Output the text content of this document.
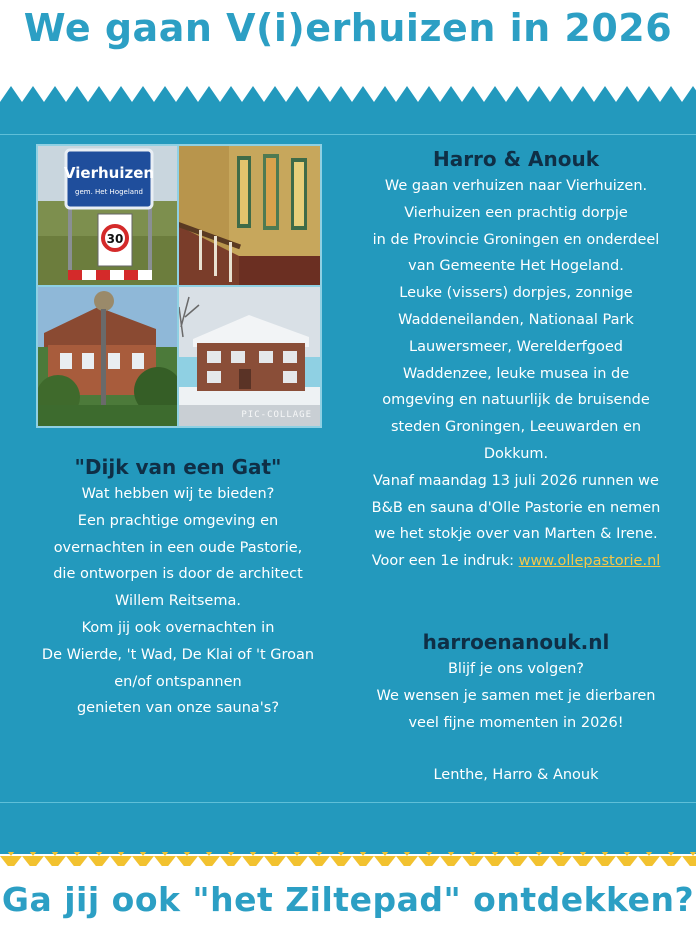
We gaan V(i)erhuizen in 2026
Vierhuizen
gem. Het Hogeland
30
PIC-COLLAGE
"Dijk van een Gat"
Wat hebben wij te bieden?
Een prachtige omgeving en
overnachten in een oude Pastorie,
die ontworpen is door de architect
Willem Reitsema.
Kom jij ook overnachten in
De Wierde, 't Wad, De Klai of 't Groan
en/of ontspannen
genieten van onze sauna's?
Harro & Anouk
We gaan verhuizen naar Vierhuizen.
Vierhuizen een prachtig dorpje
in de Provincie Groningen en onderdeel
van Gemeente Het Hogeland.
Leuke (vissers) dorpjes, zonnige
Waddeneilanden, Nationaal Park
Lauwersmeer, Werelderfgoed
Waddenzee, leuke musea in de
omgeving en natuurlijk de bruisende
steden Groningen, Leeuwarden en
Dokkum.
Vanaf maandag 13 juli 2026 runnen we
B&B en sauna d'Olle Pastorie en nemen
we het stokje over van Marten & Irene.
Voor een 1e indruk: www.ollepastorie.nl
harroenanouk.nl
Blijf je ons volgen?
We wensen je samen met je dierbaren
veel fijne momenten in 2026!
Lenthe, Harro & Anouk
Ga jij ook "het Ziltepad" ontdekken?
